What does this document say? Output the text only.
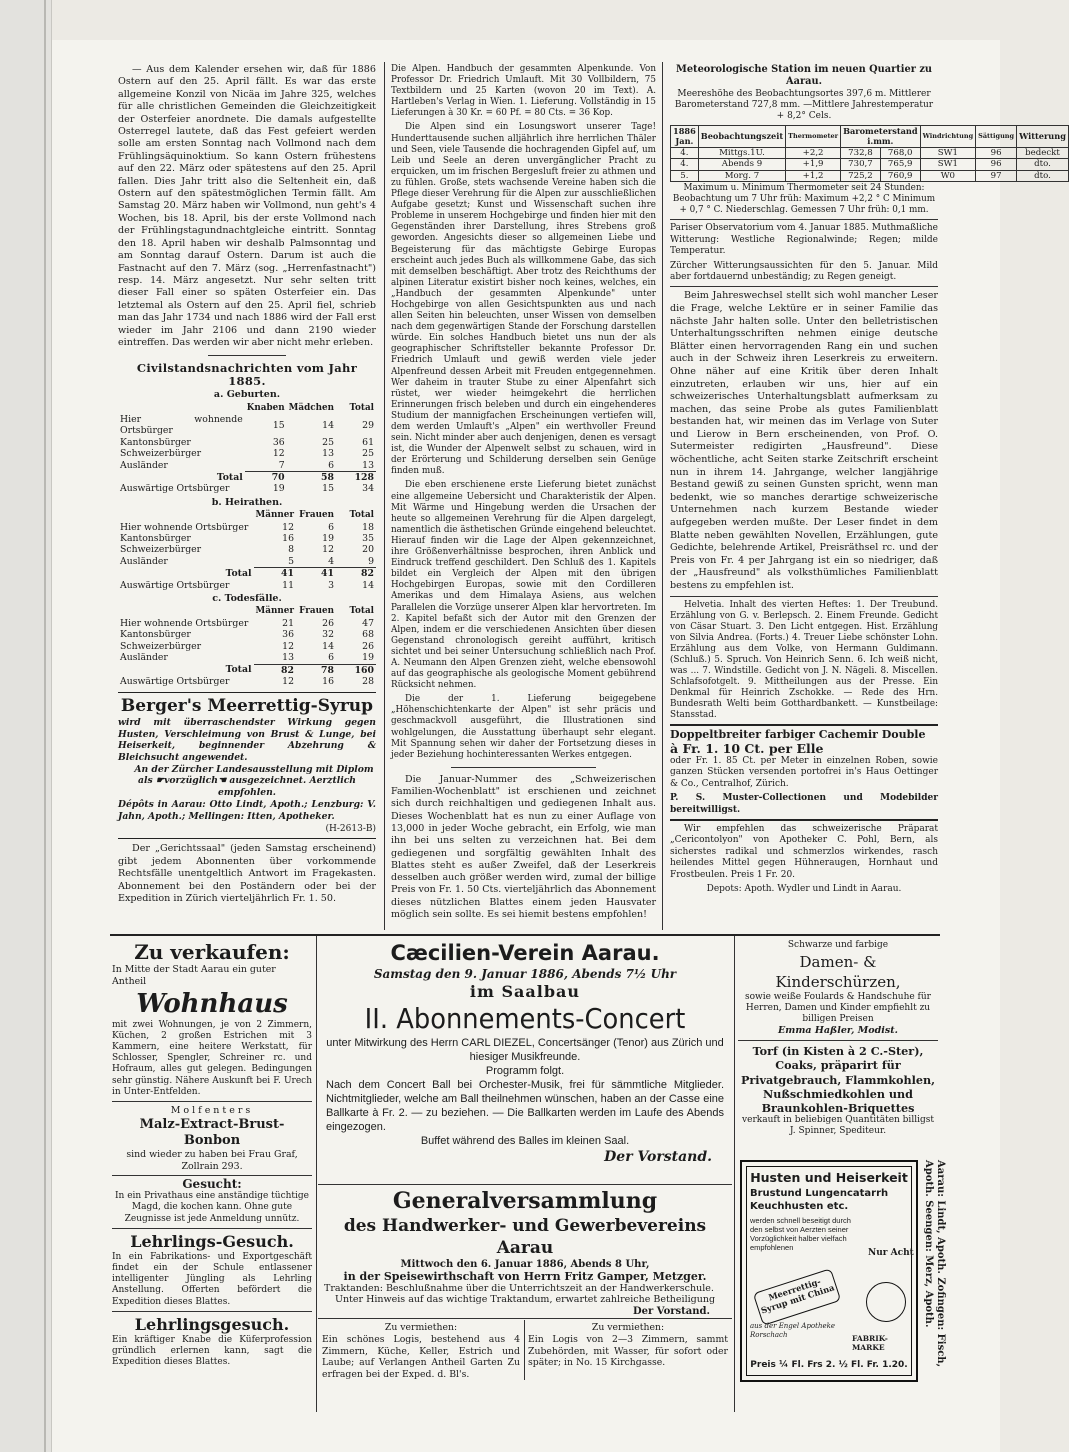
— Aus dem Kalender ersehen wir, daß für 1886 Ostern auf den 25. April fällt. Es war das erste allgemeine Konzil von Nicäa im Jahre 325, welches für alle christlichen Gemeinden die Gleichzeitigkeit der Osterfeier anordnete. Die damals aufgestellte Osterregel lautete, daß das Fest gefeiert werden solle am ersten Sonntag nach Vollmond nach dem Frühlingsäquinoktium. So kann Ostern frühestens auf den 22. März oder spätestens auf den 25. April fallen. Dies Jahr tritt also die Seltenheit ein, daß Ostern auf den spätestmöglichen Termin fällt. Am Samstag 20. März haben wir Vollmond, nun geht's 4 Wochen, bis 18. April, bis der erste Vollmond nach der Frühlingstagundnachtgleiche eintritt. Sonntag den 18. April haben wir deshalb Palmsonntag und am Sonntag darauf Ostern. Darum ist auch die Fastnacht auf den 7. März (sog. „Herrenfastnacht") resp. 14. März angesetzt. Nur sehr selten tritt dieser Fall einer so späten Osterfeier ein. Das letztemal als Ostern auf den 25. April fiel, schrieb man das Jahr 1734 und nach 1886 wird der Fall erst wieder im Jahr 2106 und dann 2190 wieder eintreffen. Das werden wir aber nicht mehr erleben.

Civilstandsnachrichten vom Jahr 1885.
a. Geburten.
	Knaben	Mädchen	Total
Hier wohnende Ortsbürger	15	14	29
Kantonsbürger	36	25	61
Schweizerbürger	12	13	25
Ausländer	7	6	13
Total	70	58	128
Auswärtige Ortsbürger	19	15	34
b. Heirathen.
	Männer	Frauen	Total
Hier wohnende Ortsbürger	12	6	18
Kantonsbürger	16	19	35
Schweizerbürger	8	12	20
Ausländer	5	4	9
Total	41	41	82
Auswärtige Ortsbürger	11	3	14
c. Todesfälle.
	Männer	Frauen	Total
Hier wohnende Ortsbürger	21	26	47
Kantonsbürger	36	32	68
Schweizerbürger	12	14	26
Ausländer	13	6	19
Total	82	78	160
Auswärtige Ortsbürger	12	16	28
Berger's Meerrettig-Syrup

wird mit überraschendster Wirkung gegen Husten, Verschleimung von Brust & Lunge, bei Heiserkeit, beginnender Abzehrung & Bleichsucht angewendet.

An der Zürcher Landesausstellung mit Diplom als ☛vorzüglich☚ ausgezeichnet. Aerztlich empfohlen.

Dépôts in Aarau: Otto Lindt, Apoth.; Lenzburg: V. Jahn, Apoth.; Mellingen: Itten, Apotheker.

(H-2613-B)

Der „Gerichtssaal" (jeden Samstag erscheinend) gibt jedem Abonnenten über vorkommende Rechtsfälle unentgeltlich Antwort im Fragekasten. Abonnement bei den Poständern oder bei der Expedition in Zürich vierteljährlich Fr. 1. 50.

Die Alpen. Handbuch der gesammten Alpenkunde. Von Professor Dr. Friedrich Umlauft. Mit 30 Vollbildern, 75 Textbildern und 25 Karten (wovon 20 im Text). A. Hartleben's Verlag in Wien. 1. Lieferung. Vollständig in 15 Lieferungen à 30 Kr. = 60 Pf. = 80 Cts. = 36 Kop.

Die Alpen sind ein Losungswort unserer Tage! Hunderttausende suchen alljährlich ihre herrlichen Thäler und Seen, viele Tausende die hochragenden Gipfel auf, um Leib und Seele an deren unvergänglicher Pracht zu erquicken, um im frischen Bergesluft freier zu athmen und zu fühlen. Große, stets wachsende Vereine haben sich die Pflege dieser Verehrung für die Alpen zur ausschließlichen Aufgabe gesetzt; Kunst und Wissenschaft suchen ihre Probleme in unserem Hochgebirge und finden hier mit den Gegenständen ihrer Darstellung, ihres Strebens groß geworden. Angesichts dieser so allgemeinen Liebe und Begeisterung für das mächtigste Gebirge Europas erscheint auch jedes Buch als willkommene Gabe, das sich mit demselben beschäftigt. Aber trotz des Reichthums der alpinen Literatur existirt bisher noch keines, welches, ein „Handbuch der gesammten Alpenkunde" unter Hochgebirge von allen Gesichtspunkten aus und nach allen Seiten hin beleuchten, unser Wissen von demselben nach dem gegenwärtigen Stande der Forschung darstellen würde. Ein solches Handbuch bietet uns nun der als geographischer Schriftsteller bekannte Professor Dr. Friedrich Umlauft und gewiß werden viele jeder Alpenfreund dessen Arbeit mit Freuden entgegennehmen. Wer daheim in trauter Stube zu einer Alpenfahrt sich rüstet, wer wieder heimgekehrt die herrlichen Erinnerungen frisch beleben und durch ein eingehenderes Studium der mannigfachen Erscheinungen vertiefen will, dem werden Umlauft's „Alpen" ein werthvoller Freund sein. Nicht minder aber auch denjenigen, denen es versagt ist, die Wunder der Alpenwelt selbst zu schauen, wird in der Erörterung und Schilderung derselben sein Genüge finden muß.

Die eben erschienene erste Lieferung bietet zunächst eine allgemeine Uebersicht und Charakteristik der Alpen. Mit Wärme und Hingebung werden die Ursachen der heute so allgemeinen Verehrung für die Alpen dargelegt, namentlich die ästhetischen Gründe eingehend beleuchtet. Hierauf finden wir die Lage der Alpen gekennzeichnet, ihre Größenverhältnisse besprochen, ihren Anblick und Eindruck treffend geschildert. Den Schluß des 1. Kapitels bildet ein Vergleich der Alpen mit den übrigen Hochgebirgen Europas, sowie mit den Cordilleren Amerikas und dem Himalaya Asiens, aus welchen Parallelen die Vorzüge unserer Alpen klar hervortreten. Im 2. Kapitel befaßt sich der Autor mit den Grenzen der Alpen, indem er die verschiedenen Ansichten über diesen Gegenstand chronologisch gereiht aufführt, kritisch sichtet und bei seiner Untersuchung schließlich nach Prof. A. Neumann den Alpen Grenzen zieht, welche ebensowohl auf das geographische als geologische Moment gebührend Rücksicht nehmen.

Die der 1. Lieferung beigegebene „Höhenschichtenkarte der Alpen" ist sehr präcis und geschmackvoll ausgeführt, die Illustrationen sind wohlgelungen, die Ausstattung überhaupt sehr elegant. Mit Spannung sehen wir daher der Fortsetzung dieses in jeder Beziehung hochinteressanten Werkes entgegen.

Die Januar-Nummer des „Schweizerischen Familien-Wochenblatt" ist erschienen und zeichnet sich durch reichhaltigen und gediegenen Inhalt aus. Dieses Wochenblatt hat es nun zu einer Auflage von 13,000 in jeder Woche gebracht, ein Erfolg, wie man ihn bei uns selten zu verzeichnen hat. Bei dem gediegenen und sorgfältig gewählten Inhalt des Blattes steht es außer Zweifel, daß der Leserkreis desselben auch größer werden wird, zumal der billige Preis von Fr. 1. 50 Cts. vierteljährlich das Abonnement dieses nützlichen Blattes einem jeden Hausvater möglich sein sollte. Es sei hiemit bestens empfohlen!

Meteorologische Station im neuen Quartier zu Aarau.

Meereshöhe des Beobachtungsortes 397,6 m. Mittlerer Barometerstand 727,8 mm. —Mittlere Jahrestemperatur + 8,2° Cels.

1886 Jan.	Beobachtungszeit	Thermometer	Barometerstand i.mm.		Windrichtung	Sättigung	Witterung
4.	Mittgs.1U.	+2,2	732,8	768,0	SW1	96	bedeckt
4.	Abends 9	+1,9	730,7	765,9	SW1	96	dto.
5.	Morg. 7	+1,2	725,2	760,9	W0	97	dto.

Maximum u. Minimum Thermometer seit 24 Stunden: Beobachtung um 7 Uhr früh: Maximum +2,2 ° C Minimum + 0,7 ° C. Niederschlag. Gemessen 7 Uhr früh: 0,1 mm.

Pariser Observatorium vom 4. Januar 1885. Muthmaßliche Witterung: Westliche Regionalwinde; Regen; milde Temperatur.

Zürcher Witterungsaussichten für den 5. Januar. Mild aber fortdauernd unbeständig; zu Regen geneigt.

Beim Jahreswechsel stellt sich wohl mancher Leser die Frage, welche Lektüre er in seiner Familie das nächste Jahr halten solle. Unter den belletristischen Unterhaltungsschriften nehmen einige deutsche Blätter einen hervorragenden Rang ein und suchen auch in der Schweiz ihren Leserkreis zu erweitern. Ohne näher auf eine Kritik über deren Inhalt einzutreten, erlauben wir uns, hier auf ein schweizerisches Unterhaltungsblatt aufmerksam zu machen, das seine Probe als gutes Familienblatt bestanden hat, wir meinen das im Verlage von Suter und Lierow in Bern erscheinenden, von Prof. O. Sutermeister redigirten „Hausfreund". Diese wöchentliche, acht Seiten starke Zeitschrift erscheint nun in ihrem 14. Jahrgange, welcher langjährige Bestand gewiß zu seinen Gunsten spricht, wenn man bedenkt, wie so manches derartige schweizerische Unternehmen nach kurzem Bestande wieder aufgegeben werden mußte. Der Leser findet in dem Blatte neben gewählten Novellen, Erzählungen, gute Gedichte, belehrende Artikel, Preisräthsel rc. und der Preis von Fr. 4 per Jahrgang ist ein so niedriger, daß der „Hausfreund" als volksthümliches Familienblatt bestens zu empfehlen ist.

Helvetia. Inhalt des vierten Heftes: 1. Der Treubund. Erzählung von G. v. Berlepsch. 2. Einem Freunde. Gedicht von Cäsar Stuart. 3. Den Licht entgegen. Hist. Erzählung von Silvia Andrea. (Forts.) 4. Treuer Liebe schönster Lohn. Erzählung aus dem Volke, von Hermann Guldimann. (Schluß.) 5. Spruch. Von Heinrich Senn. 6. Ich weiß nicht, was ... 7. Windstille. Gedicht von J. N. Nägeli. 8. Miscellen. Schlafsofotgelt. 9. Mittheilungen aus der Presse. Ein Denkmal für Heinrich Zschokke. — Rede des Hrn. Bundesrath Welti beim Gotthardbankett. — Kunstbeilage: Stansstad.

Doppeltbreiter farbiger Cachemir Double
à Fr. 1. 10 Ct. per Elle

oder Fr. 1. 85 Ct. per Meter in einzelnen Roben, sowie ganzen Stücken versenden portofrei in's Haus Oettinger & Co., Centralhof, Zürich.

P. S. Muster-Collectionen und Modebilder bereitwilligst.

Wir empfehlen das schweizerische Präparat „Cericontolyon" von Apotheker C. Pohl, Bern, als sicherstes radikal und schmerzlos wirkendes, rasch heilendes Mittel gegen Hühneraugen, Hornhaut und Frostbeulen. Preis 1 Fr. 20.

Depots: Apoth. Wydler und Lindt in Aarau.

Zu verkaufen:
In Mitte der Stadt Aarau ein guter Antheil
Wohnhaus
mit zwei Wohnungen, je von 2 Zimmern, Küchen, 2 großen Estrichen mit 3 Kammern, eine heitere Werkstatt, für Schlosser, Spengler, Schreiner rc. und Hofraum, alles gut gelegen. Bedingungen sehr günstig. Nähere Auskunft bei F. Urech in Unter-Entfelden.
Molfenters
Malz-Extract-Brust-Bonbon
sind wieder zu haben bei Frau Graf, Zollrain 293.
Gesucht:
In ein Privathaus eine anständige tüchtige Magd, die kochen kann. Ohne gute Zeugnisse ist jede Anmeldung unnütz.
Lehrlings-Gesuch.
In ein Fabrikations- und Exportgeschäft findet ein der Schule entlassener intelligenter Jüngling als Lehrling Anstellung. Offerten befördert die Expedition dieses Blattes.
Lehrlingsgesuch.
Ein kräftiger Knabe die Küferprofession gründlich erlernen kann, sagt die Expedition dieses Blattes.
Cæcilien-Verein Aarau.
Samstag den 9. Januar 1886, Abends 7½ Uhr
im Saalbau
II. Abonnements-Concert
unter Mitwirkung des Herrn CARL DIEZEL, Concertsänger (Tenor) aus Zürich und hiesiger Musikfreunde.
Programm folgt.
Nach dem Concert Ball bei Orchester-Musik, frei für sämmtliche Mitglieder. Nichtmitglieder, welche am Ball theilnehmen wünschen, haben an der Casse eine Ballkarte à Fr. 2. — zu beziehen. — Die Ballkarten werden im Laufe des Abends eingezogen.
Buffet während des Balles im kleinen Saal.
Der Vorstand.
Generalversammlung
des Handwerker- und Gewerbevereins Aarau
Mittwoch den 6. Januar 1886, Abends 8 Uhr,
in der Speisewirthschaft von Herrn Fritz Gamper, Metzger.
Traktanden: Beschlußnahme über die Unterrichtszeit an der Handwerkerschule.
Unter Hinweis auf das wichtige Traktandum, erwartet zahlreiche Betheiligung
Der Vorstand.
Zu vermiethen:
Ein schönes Logis, bestehend aus 4 Zimmern, Küche, Keller, Estrich und Laube; auf Verlangen Antheil Garten Zu erfragen bei der Exped. d. Bl's.
Zu vermiethen:
Ein Logis von 2—3 Zimmern, sammt Zubehörden, mit Wasser, für sofort oder später; in No. 15 Kirchgasse.
Schwarze und farbige
Damen- & Kinderschürzen,
sowie weiße Foulards & Handschuhe für Herren, Damen und Kinder empfiehlt zu billigen Preisen
Emma Haßler, Modist.
Torf (in Kisten à 2 C.-Ster), Coaks, präparirt für Privatgebrauch, Flammkohlen, Nußschmiedkohlen und Braunkohlen-Briquettes
verkauft in beliebigen Quantitäten billigst J. Spinner, Spediteur.
Husten und Heiserkeit
Brustund Lungencatarrh Keuchhusten etc.
werden schnell beseitigt durch den selbst von Aerzten seiner Vorzüglichkeit halber vielfach empfohlenen
Nur Acht
Meerrettig-Syrup mit China
aus der Engel Apotheke Rorschach	FABRIK-MARKE
Preis ¼ Fl. Frs 2. ½ Fl. Fr. 1.20.	Aarau: Lindt, Apoth. Zofingen: Fisch, Apoth. Seengen: Merz, Apoth.
